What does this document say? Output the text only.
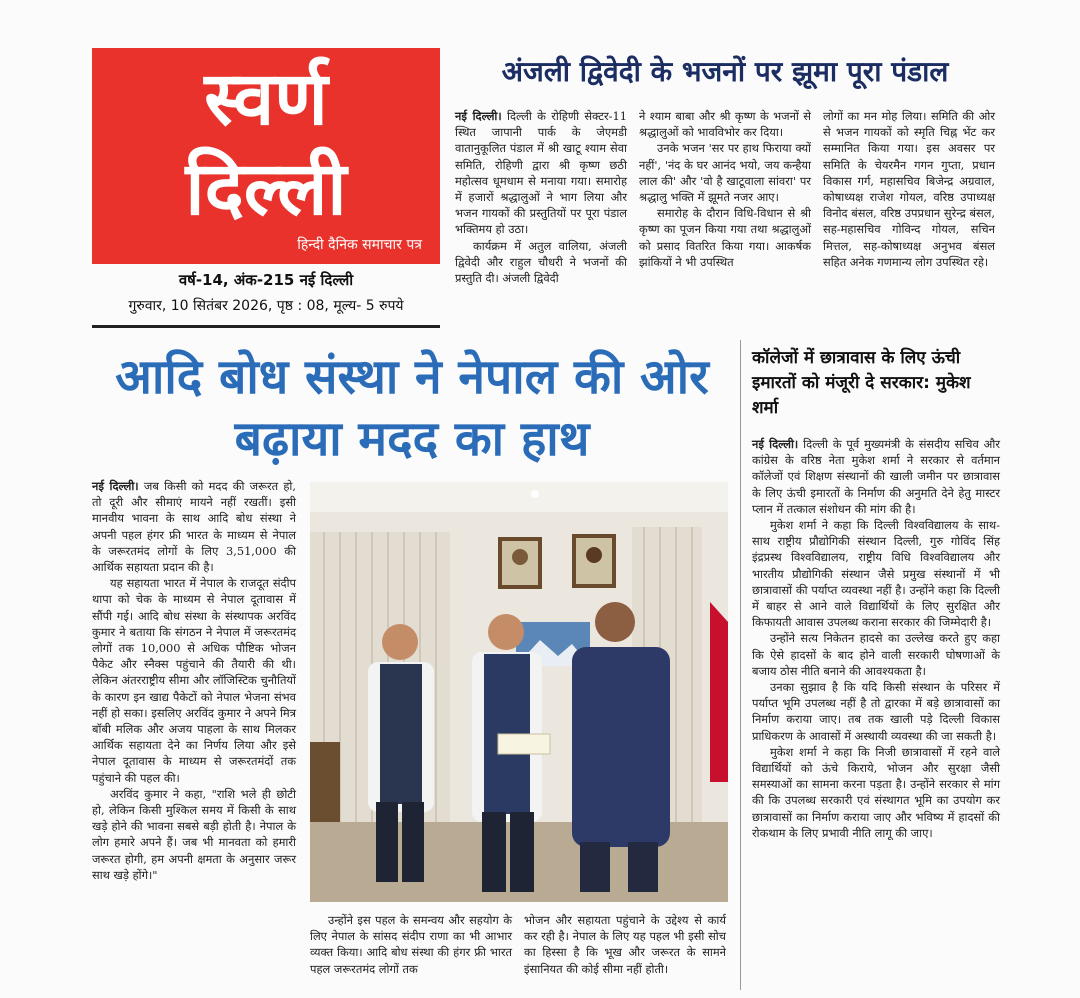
स्वर्ण
दिल्ली
हिन्दी दैनिक समाचार पत्र
वर्ष-14, अंक-215 नई दिल्ली
गुरुवार, 10 सितंबर 2026, पृष्ठ : 08, मूल्य- 5 रुपये
अंजली द्विवेदी के भजनों पर झूमा पूरा पंडाल

नई दिल्ली। दिल्ली के रोहिणी सेक्टर-11 स्थित जापानी पार्क के जेएमडी वातानुकूलित पंडाल में श्री खाटू श्याम सेवा समिति, रोहिणी द्वारा श्री कृष्ण छठी महोत्सव धूमधाम से मनाया गया। समारोह में हजारों श्रद्धालुओं ने भाग लिया और भजन गायकों की प्रस्तुतियों पर पूरा पंडाल भक्तिमय हो उठा।

कार्यक्रम में अतुल वालिया, अंजली द्विवेदी और राहुल चौधरी ने भजनों की प्रस्तुति दी। अंजली द्विवेदी

ने श्याम बाबा और श्री कृष्ण के भजनों से श्रद्धालुओं को भावविभोर कर दिया।

उनके भजन 'सर पर हाथ फिराया क्यों नहीं', 'नंद के घर आनंद भयो, जय कन्हैया लाल की' और 'वो है खाटूवाला सांवरा' पर श्रद्धालु भक्ति में झूमते नजर आए।

समारोह के दौरान विधि-विधान से श्री कृष्ण का पूजन किया गया तथा श्रद्धालुओं को प्रसाद वितरित किया गया। आकर्षक झांकियों ने भी उपस्थित

लोगों का मन मोह लिया। समिति की ओर से भजन गायकों को स्मृति चिह्न भेंट कर सम्मानित किया गया। इस अवसर पर समिति के चेयरमैन गगन गुप्ता, प्रधान विकास गर्ग, महासचिव बिजेन्द्र अग्रवाल, कोषाध्यक्ष राजेश गोयल, वरिष्ठ उपाध्यक्ष विनोद बंसल, वरिष्ठ उपप्रधान सुरेन्द्र बंसल, सह-महासचिव गोविन्द गोयल, सचिन मित्तल, सह-कोषाध्यक्ष अनुभव बंसल सहित अनेक गणमान्य लोग उपस्थित रहे।

आदि बोध संस्था ने नेपाल की ओर बढ़ाया मदद का हाथ

नई दिल्ली। जब किसी को मदद की जरूरत हो, तो दूरी और सीमाएं मायने नहीं रखतीं। इसी मानवीय भावना के साथ आदि बोध संस्था ने अपनी पहल हंगर फ्री भारत के माध्यम से नेपाल के जरूरतमंद लोगों के लिए 3,51,000 की आर्थिक सहायता प्रदान की है।

यह सहायता भारत में नेपाल के राजदूत संदीप थापा को चेक के माध्यम से नेपाल दूतावास में सौंपी गई। आदि बोध संस्था के संस्थापक अरविंद कुमार ने बताया कि संगठन ने नेपाल में जरूरतमंद लोगों तक 10,000 से अधिक पौष्टिक भोजन पैकेट और स्नैक्स पहुंचाने की तैयारी की थी। लेकिन अंतरराष्ट्रीय सीमा और लॉजिस्टिक चुनौतियों के कारण इन खाद्य पैकेटों को नेपाल भेजना संभव नहीं हो सका। इसलिए अरविंद कुमार ने अपने मित्र बॉबी मलिक और अजय पाहला के साथ मिलकर आर्थिक सहायता देने का निर्णय लिया और इसे नेपाल दूतावास के माध्यम से जरूरतमंदों तक पहुंचाने की पहल की।

अरविंद कुमार ने कहा, "राशि भले ही छोटी हो, लेकिन किसी मुश्किल समय में किसी के साथ खड़े होने की भावना सबसे बड़ी होती है। नेपाल के लोग हमारे अपने हैं। जब भी मानवता को हमारी जरूरत होगी, हम अपनी क्षमता के अनुसार जरूर साथ खड़े होंगे।"

उन्होंने इस पहल के समन्वय और सहयोग के लिए नेपाल के सांसद संदीप राणा का भी आभार व्यक्त किया। आदि बोध संस्था की हंगर फ्री भारत पहल जरूरतमंद लोगों तक

भोजन और सहायता पहुंचाने के उद्देश्य से कार्य कर रही है। नेपाल के लिए यह पहल भी इसी सोच का हिस्सा है कि भूख और जरूरत के सामने इंसानियत की कोई सीमा नहीं होती।

कॉलेजों में छात्रावास के लिए ऊंची इमारतों को मंजूरी दे सरकार: मुकेश शर्मा

नई दिल्ली। दिल्ली के पूर्व मुख्यमंत्री के संसदीय सचिव और कांग्रेस के वरिष्ठ नेता मुकेश शर्मा ने सरकार से वर्तमान कॉलेजों एवं शिक्षण संस्थानों की खाली जमीन पर छात्रावास के लिए ऊंची इमारतों के निर्माण की अनुमति देने हेतु मास्टर प्लान में तत्काल संशोधन की मांग की है।

मुकेश शर्मा ने कहा कि दिल्ली विश्वविद्यालय के साथ-साथ राष्ट्रीय प्रौद्योगिकी संस्थान दिल्ली, गुरु गोविंद सिंह इंद्रप्रस्थ विश्वविद्यालय, राष्ट्रीय विधि विश्वविद्यालय और भारतीय प्रौद्योगिकी संस्थान जैसे प्रमुख संस्थानों में भी छात्रावासों की पर्याप्त व्यवस्था नहीं है। उन्होंने कहा कि दिल्ली में बाहर से आने वाले विद्यार्थियों के लिए सुरक्षित और किफायती आवास उपलब्ध कराना सरकार की जिम्मेदारी है।

उन्होंने सत्य निकेतन हादसे का उल्लेख करते हुए कहा कि ऐसे हादसों के बाद होने वाली सरकारी घोषणाओं के बजाय ठोस नीति बनाने की आवश्यकता है।

उनका सुझाव है कि यदि किसी संस्थान के परिसर में पर्याप्त भूमि उपलब्ध नहीं है तो द्वारका में बड़े छात्रावासों का निर्माण कराया जाए। तब तक खाली पड़े दिल्ली विकास प्राधिकरण के आवासों में अस्थायी व्यवस्था की जा सकती है।

मुकेश शर्मा ने कहा कि निजी छात्रावासों में रहने वाले विद्यार्थियों को ऊंचे किराये, भोजन और सुरक्षा जैसी समस्याओं का सामना करना पड़ता है। उन्होंने सरकार से मांग की कि उपलब्ध सरकारी एवं संस्थागत भूमि का उपयोग कर छात्रावासों का निर्माण कराया जाए और भविष्य में हादसों की रोकथाम के लिए प्रभावी नीति लागू की जाए।
